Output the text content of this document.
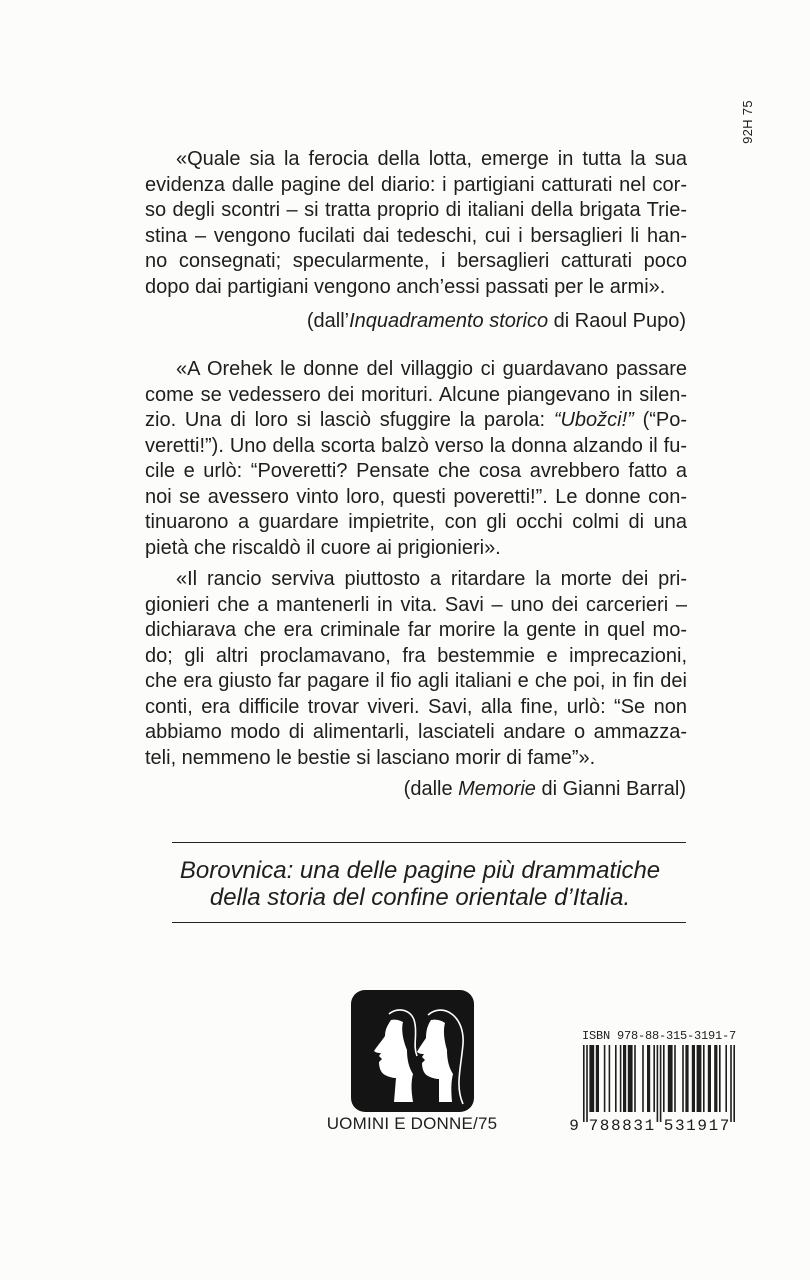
92H 75
«Quale sia la ferocia della lotta, emerge in tutta la sua
evidenza dalle pagine del diario: i partigiani catturati nel cor-
so degli scontri – si tratta proprio di italiani della brigata Trie-
stina – vengono fucilati dai tedeschi, cui i bersaglieri li han-
no consegnati; specularmente, i bersaglieri catturati poco
dopo dai partigiani vengono anch’essi passati per le armi».
(dall’Inquadramento storico di Raoul Pupo)
«A Orehek le donne del villaggio ci guardavano passare
come se vedessero dei morituri. Alcune piangevano in silen-
zio. Una di loro si lasciò sfuggire la parola: “Ubožci!” (“Po-
veretti!”). Uno della scorta balzò verso la donna alzando il fu-
cile e urlò: “Poveretti? Pensate che cosa avrebbero fatto a
noi se avessero vinto loro, questi poveretti!”. Le donne con-
tinuarono a guardare impietrite, con gli occhi colmi di una
pietà che riscaldò il cuore ai prigionieri».
«Il rancio serviva piuttosto a ritardare la morte dei pri-
gionieri che a mantenerli in vita. Savi – uno dei carcerieri –
dichiarava che era criminale far morire la gente in quel mo-
do; gli altri proclamavano, fra bestemmie e imprecazioni,
che era giusto far pagare il fio agli italiani e che poi, in fin dei
conti, era difficile trovar viveri. Savi, alla fine, urlò: “Se non
abbiamo modo di alimentarli, lasciateli andare o ammazza-
teli, nemmeno le bestie si lasciano morir di fame”».
(dalle Memorie di Gianni Barral)
Borovnica: una delle pagine più drammatiche
della storia del confine orientale d’Italia.
UOMINI E DONNE/75
ISBN 978-88-315-3191-7
9 788831 531917
